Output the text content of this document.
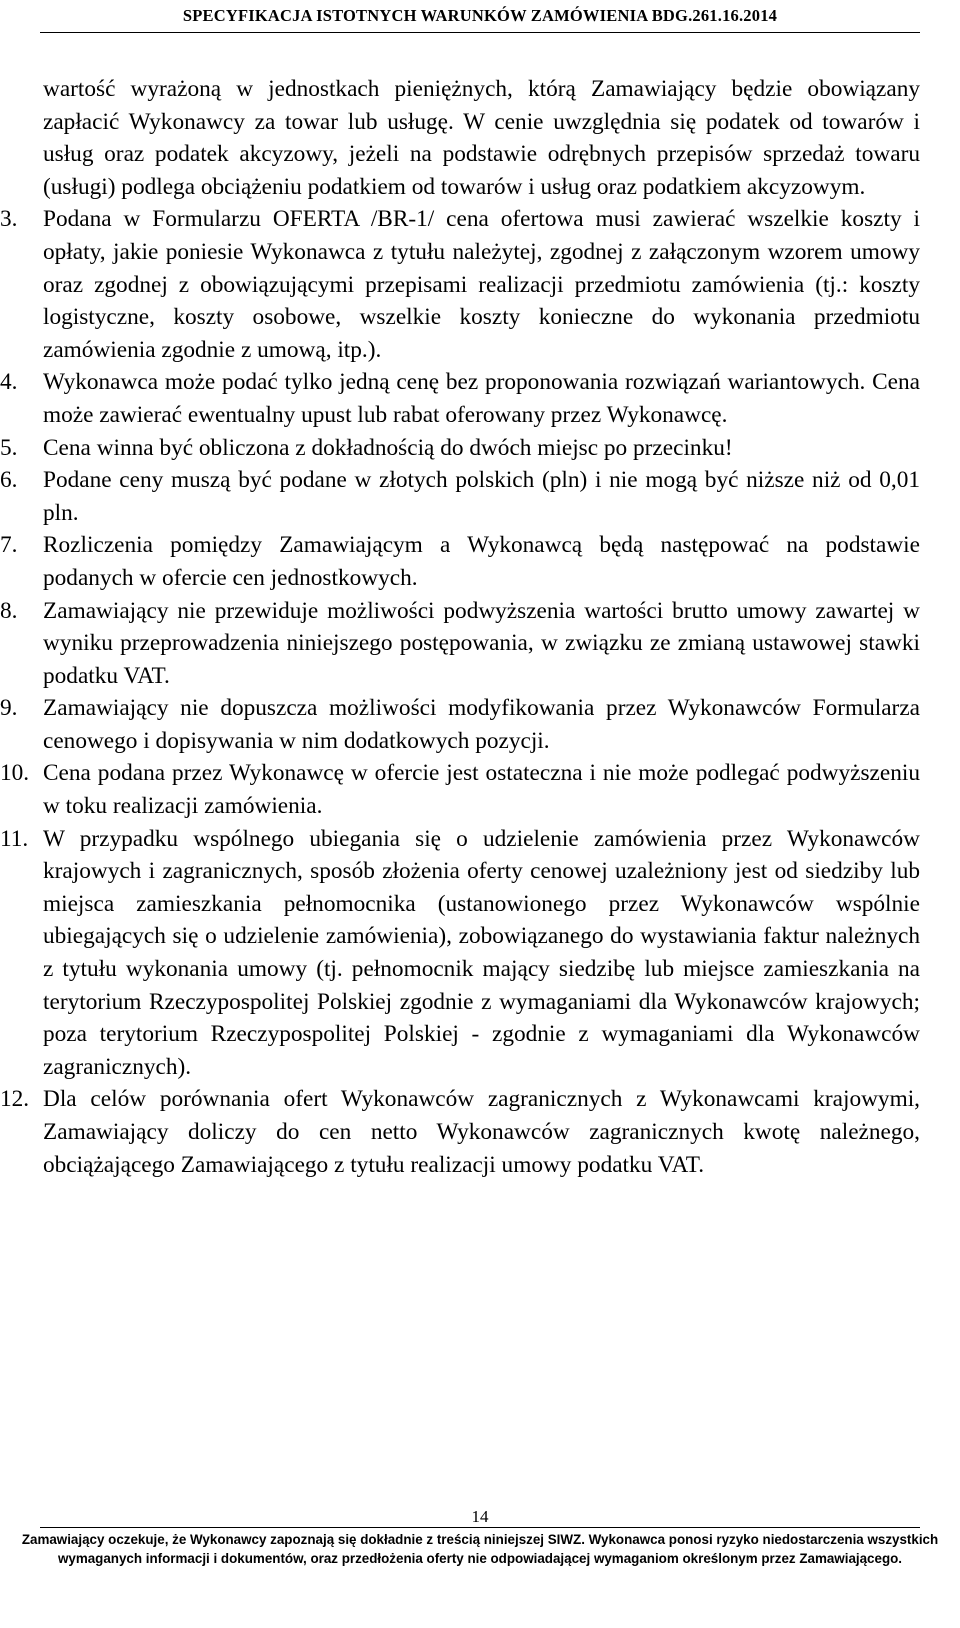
SPECYFIKACJA ISTOTNYCH WARUNKÓW ZAMÓWIENIA BDG.261.16.2014

wartość wyrażoną w jednostkach pieniężnych, którą Zamawiający będzie obowiązany zapłacić Wykonawcy za towar lub usługę. W cenie uwzględnia się podatek od towarów i usług oraz podatek akcyzowy, jeżeli na podstawie odrębnych przepisów sprzedaż towaru (usługi) podlega obciążeniu podatkiem od towarów i usług oraz podatkiem akcyzowym.

3. Podana w Formularzu OFERTA /BR-1/ cena ofertowa musi zawierać wszelkie koszty i opłaty, jakie poniesie Wykonawca z tytułu należytej, zgodnej z załączonym wzorem umowy oraz zgodnej z obowiązującymi przepisami realizacji przedmiotu zamówienia (tj.: koszty logistyczne, koszty osobowe, wszelkie koszty konieczne do wykonania przedmiotu zamówienia zgodnie z umową, itp.).
4. Wykonawca może podać tylko jedną cenę bez proponowania rozwiązań wariantowych. Cena może zawierać ewentualny upust lub rabat oferowany przez Wykonawcę.
5. Cena winna być obliczona z dokładnością do dwóch miejsc po przecinku!
6. Podane ceny muszą być podane w złotych polskich (pln) i nie mogą być niższe niż od 0,01 pln.
7. Rozliczenia pomiędzy Zamawiającym a Wykonawcą będą następować na podstawie podanych w ofercie cen jednostkowych.
8. Zamawiający nie przewiduje możliwości podwyższenia wartości brutto umowy zawartej w wyniku przeprowadzenia niniejszego postępowania, w związku ze zmianą ustawowej stawki podatku VAT.
9. Zamawiający nie dopuszcza możliwości modyfikowania przez Wykonawców Formularza cenowego i dopisywania w nim dodatkowych pozycji.
10. Cena podana przez Wykonawcę w ofercie jest ostateczna i nie może podlegać podwyższeniu w toku realizacji zamówienia.
11. W przypadku wspólnego ubiegania się o udzielenie zamówienia przez Wykonawców krajowych i zagranicznych, sposób złożenia oferty cenowej uzależniony jest od siedziby lub miejsca zamieszkania pełnomocnika (ustanowionego przez Wykonawców wspólnie ubiegających się o udzielenie zamówienia), zobowiązanego do wystawiania faktur należnych z tytułu wykonania umowy (tj. pełnomocnik mający siedzibę lub miejsce zamieszkania na terytorium Rzeczypospolitej Polskiej zgodnie z wymaganiami dla Wykonawców krajowych; poza terytorium Rzeczypospolitej Polskiej - zgodnie z wymaganiami dla Wykonawców zagranicznych).
12. Dla celów porównania ofert Wykonawców zagranicznych z Wykonawcami krajowymi, Zamawiający doliczy do cen netto Wykonawców zagranicznych kwotę należnego, obciążającego Zamawiającego z tytułu realizacji umowy podatku VAT.
14
Zamawiający oczekuje, że Wykonawcy zapoznają się dokładnie z treścią niniejszej SIWZ. Wykonawca ponosi ryzyko niedostarczenia wszystkich
wymaganych informacji i dokumentów, oraz przedłożenia oferty nie odpowiadającej wymaganiom określonym przez Zamawiającego.
